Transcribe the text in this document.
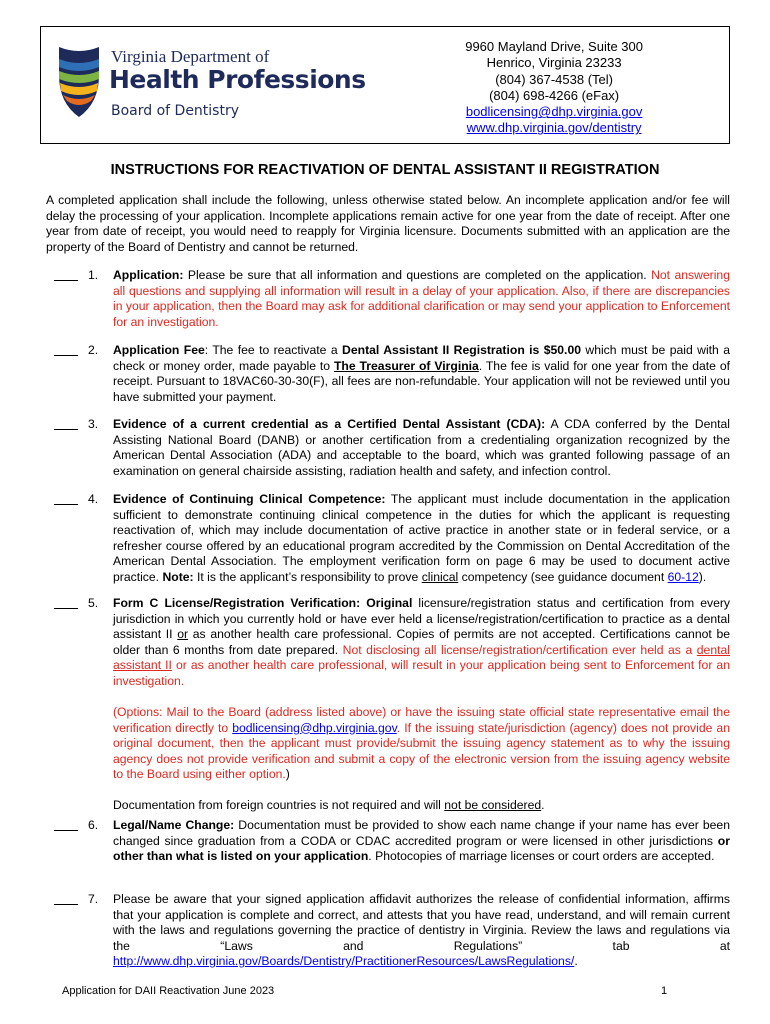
Virginia Department of
Health Professions
Board of Dentistry
9960 Mayland Drive, Suite 300
Henrico, Virginia 23233
(804) 367-4538 (Tel)
(804) 698-4266 (eFax)
bodlicensing@dhp.virginia.gov
www.dhp.virginia.gov/dentistry
INSTRUCTIONS FOR REACTIVATION OF DENTAL ASSISTANT II REGISTRATION

A completed application shall include the following, unless otherwise stated below. An incomplete application and/or fee will delay the processing of your application. Incomplete applications remain active for one year from the date of receipt. After one year from date of receipt, you would need to reapply for Virginia licensure. Documents submitted with an application are the property of the Board of Dentistry and cannot be returned.

1. Application: Please be sure that all information and questions are completed on the application. Not answering all questions and supplying all information will result in a delay of your application. Also, if there are discrepancies in your application, then the Board may ask for additional clarification or may send your application to Enforcement for an investigation.
2. Application Fee: The fee to reactivate a Dental Assistant II Registration is $50.00 which must be paid with a check or money order, made payable to The Treasurer of Virginia. The fee is valid for one year from the date of receipt. Pursuant to 18VAC60-30-30(F), all fees are non-refundable. Your application will not be reviewed until you have submitted your payment.
3. Evidence of a current credential as a Certified Dental Assistant (CDA): A CDA conferred by the Dental Assisting National Board (DANB) or another certification from a credentialing organization recognized by the American Dental Association (ADA) and acceptable to the board, which was granted following passage of an examination on general chairside assisting, radiation health and safety, and infection control.
4. Evidence of Continuing Clinical Competence: The applicant must include documentation in the application sufficient to demonstrate continuing clinical competence in the duties for which the applicant is requesting reactivation of, which may include documentation of active practice in another state or in federal service, or a refresher course offered by an educational program accredited by the Commission on Dental Accreditation of the American Dental Association. The employment verification form on page 6 may be used to document active practice. Note: It is the applicant’s responsibility to prove clinical competency (see guidance document 60-12).
5. Form C License/Registration Verification: Original licensure/registration status and certification from every jurisdiction in which you currently hold or have ever held a license/registration/certification to practice as a dental assistant II or as another health care professional. Copies of permits are not accepted. Certifications cannot be older than 6 months from date prepared. Not disclosing all license/registration/certification ever held as a dental assistant II or as another health care professional, will result in your application being sent to Enforcement for an investigation.

(Options: Mail to the Board (address listed above) or have the issuing state official state representative email the verification directly to bodlicensing@dhp.virginia.gov. If the issuing state/jurisdiction (agency) does not provide an original document, then the applicant must provide/submit the issuing agency statement as to why the issuing agency does not provide verification and submit a copy of the electronic version from the issuing agency website to the Board using either option.)

Documentation from foreign countries is not required and will not be considered.

6. Legal/Name Change: Documentation must be provided to show each name change if your name has ever been changed since graduation from a CODA or CDAC accredited program or were licensed in other jurisdictions or other than what is listed on your application. Photocopies of marriage licenses or court orders are accepted.
7. Please be aware that your signed application affidavit authorizes the release of confidential information, affirms that your application is complete and correct, and attests that you have read, understand, and will remain current with the laws and regulations governing the practice of dentistry in Virginia. Review the laws and regulations via the “Laws and Regulations” tab at http://www.dhp.virginia.gov/Boards/Dentistry/PractitionerResources/LawsRegulations/.
Application for DAII Reactivation June 2023	1
